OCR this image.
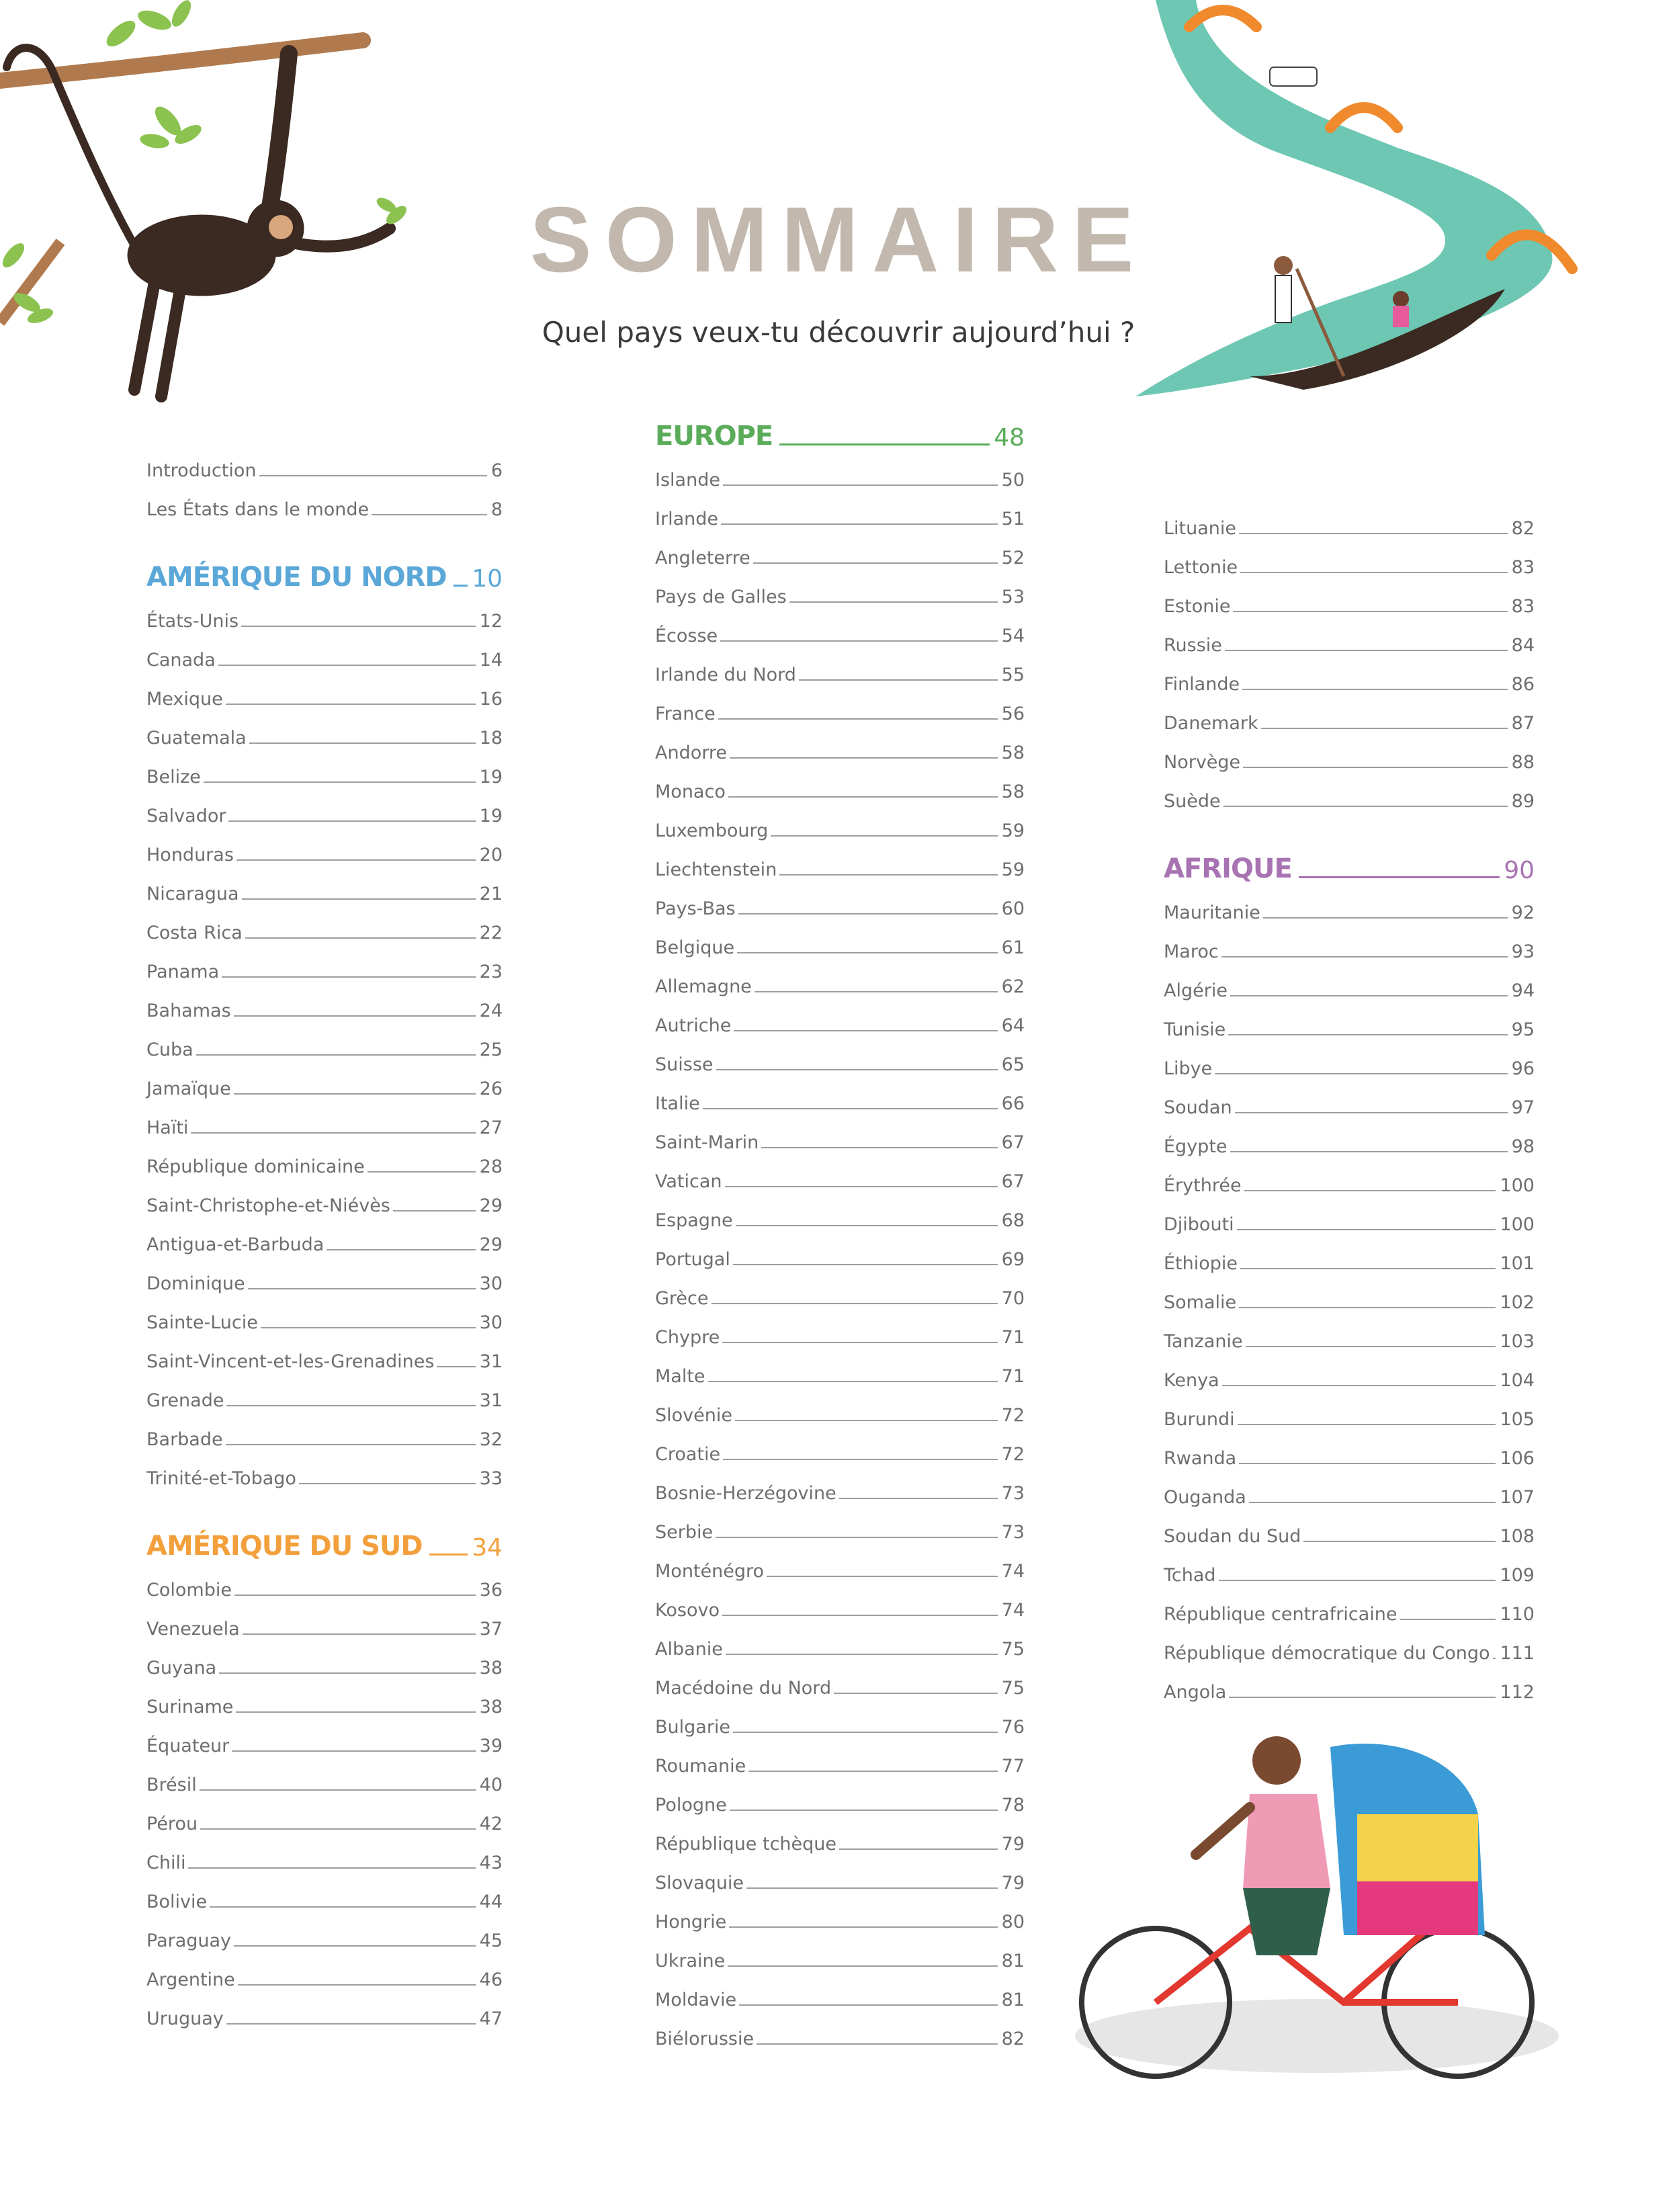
SOMMAIRE
Quel pays veux-tu découvrir aujourd’hui ?
Introduction	6
Les États dans le monde	8
AMÉRIQUE DU NORD 10
États-Unis	12
Canada	14
Mexique	16
Guatemala	18
Belize	19
Salvador	19
Honduras	20
Nicaragua	21
Costa Rica	22
Panama	23
Bahamas	24
Cuba	25
Jamaïque	26
Haïti	27
République dominicaine	28
Saint-Christophe-et-Niévès	29
Antigua-et-Barbuda	29
Dominique	30
Sainte-Lucie	30
Saint-Vincent-et-les-Grenadines 31
Grenade	31
Barbade	32
Trinité-et-Tobago	33
AMÉRIQUE DU SUD 34
Colombie	36
Venezuela	37
Guyana	38
Suriname	38
Équateur	39
Brésil	40
Pérou	42
Chili	43
Bolivie	44
Paraguay	45
Argentine	46
Uruguay	47
EUROPE	48
Islande	50
Irlande	51
Angleterre	52
Pays de Galles	53
Écosse	54
Irlande du Nord	55
France	56
Andorre	58
Monaco	58
Luxembourg	59
Liechtenstein	59
Pays-Bas	60
Belgique	61
Allemagne	62
Autriche	64
Suisse	65
Italie	66
Saint-Marin	67
Vatican	67
Espagne	68
Portugal	69
Grèce	70
Chypre	71
Malte	71
Slovénie	72
Croatie	72
Bosnie-Herzégovine	73
Serbie	73
Monténégro	74
Kosovo	74
Albanie	75
Macédoine du Nord	75
Bulgarie	76
Roumanie	77
Pologne	78
République tchèque	79
Slovaquie	79
Hongrie	80
Ukraine	81
Moldavie	81
Biélorussie	82
Lituanie	82
Lettonie	83
Estonie	83
Russie	84
Finlande	86
Danemark	87
Norvège	88
Suède	89
AFRIQUE	90
Mauritanie	92
Maroc	93
Algérie	94
Tunisie	95
Libye	96
Soudan	97
Égypte	98
Érythrée	100
Djibouti	100
Éthiopie	101
Somalie	102
Tanzanie	103
Kenya	104
Burundi	105
Rwanda	106
Ouganda	107
Soudan du Sud	108
Tchad	109
République centrafricaine	110
République démocratique du Congo 111
Angola	112
